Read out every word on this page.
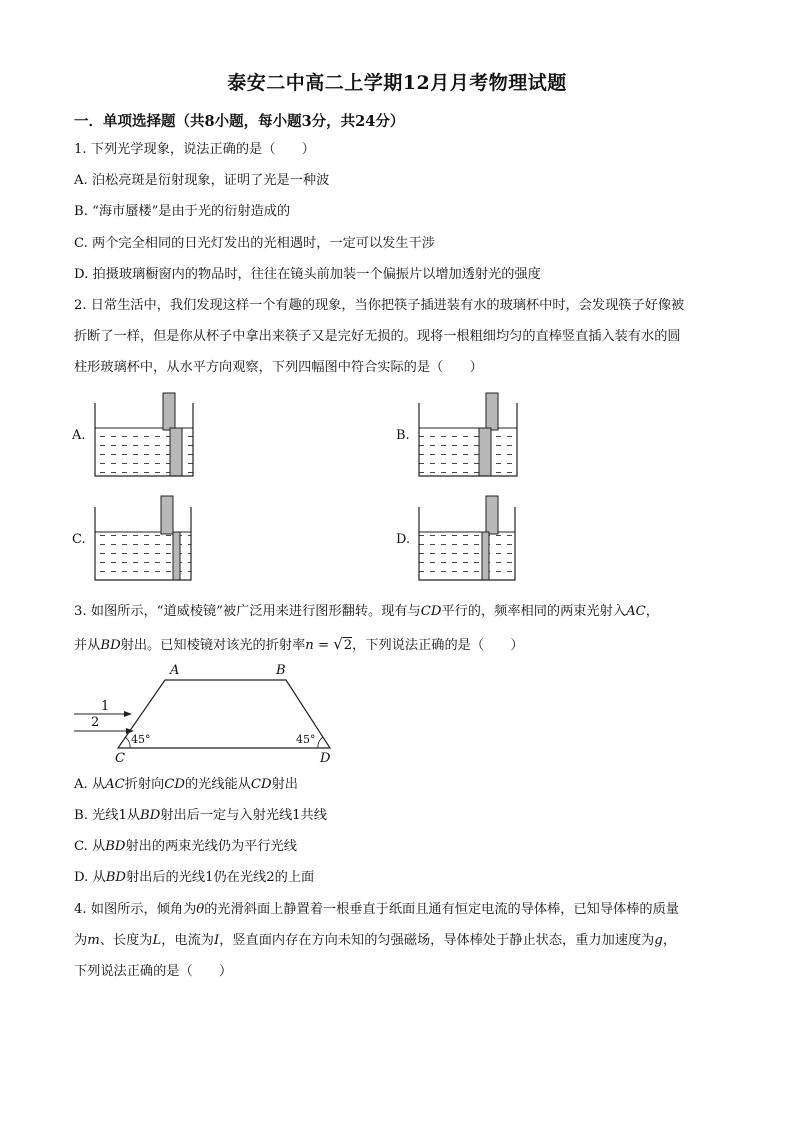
泰安二中高二上学期12月月考物理试题
一．单项选择题（共8小题，每小题3分，共24分）
1. 下列光学现象，说法正确的是（　　）
A. 泊松亮斑是衍射现象，证明了光是一种波
B. “海市蜃楼”是由于光的衍射造成的
C. 两个完全相同的日光灯发出的光相遇时，一定可以发生干涉
D. 拍摄玻璃橱窗内的物品时，往往在镜头前加装一个偏振片以增加透射光的强度
2. 日常生活中，我们发现这样一个有趣的现象，当你把筷子插进装有水的玻璃杯中时，会发现筷子好像被
折断了一样，但是你从杯子中拿出来筷子又是完好无损的。现将一根粗细均匀的直棒竖直插入装有水的圆
柱形玻璃杯中，从水平方向观察，下列四幅图中符合实际的是（　　）
A.	B.
C.	D.
3. 如图所示，“道威棱镜”被广泛用来进行图形翻转。现有与CD平行的，频率相同的两束光射入AC，
并从BD射出。已知棱镜对该光的折射率n = √2，下列说法正确的是（　　）
A	B
C	D
1
2
45°	45°
A. 从AC折射向CD的光线能从CD射出
B. 光线1从BD射出后一定与入射光线1共线
C. 从BD射出的两束光线仍为平行光线
D. 从BD射出后的光线1仍在光线2的上面
4. 如图所示，倾角为θ的光滑斜面上静置着一根垂直于纸面且通有恒定电流的导体棒，已知导体棒的质量
为m、长度为L，电流为I，竖直面内存在方向未知的匀强磁场，导体棒处于静止状态，重力加速度为g，
下列说法正确的是（　　）
